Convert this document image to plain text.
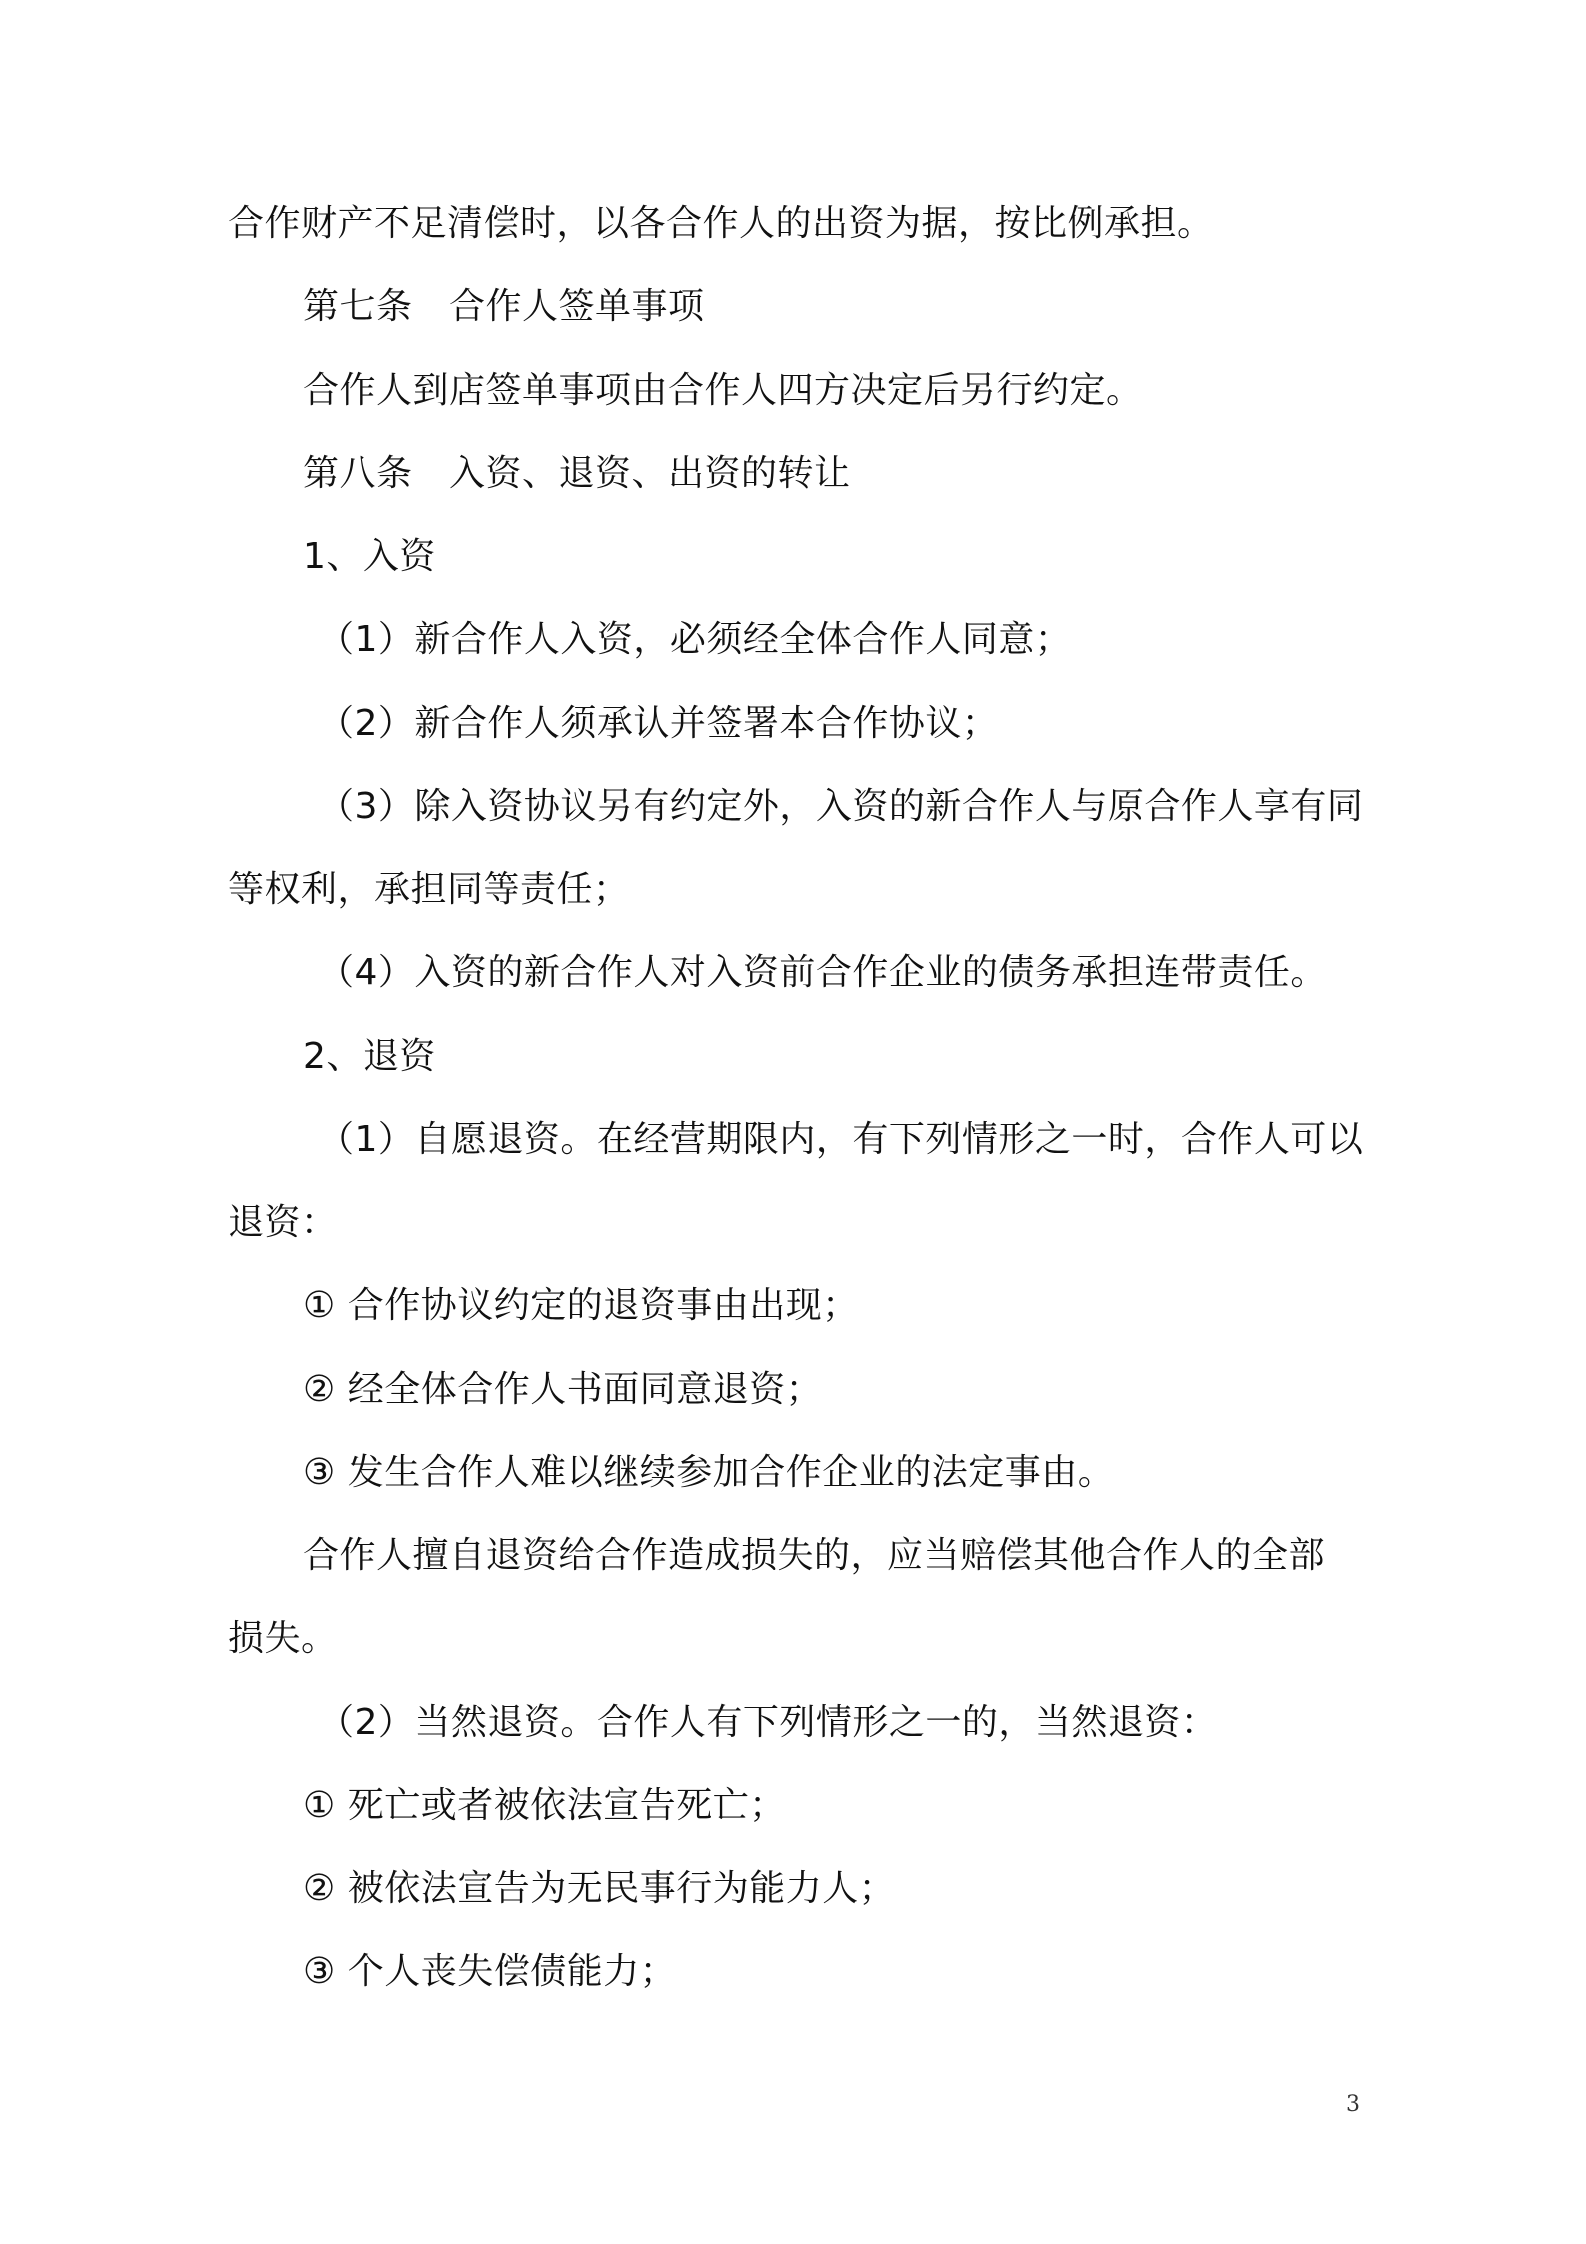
合作财产不足清偿时，以各合作人的出资为据，按比例承担。
第七条　合作人签单事项
合作人到店签单事项由合作人四方决定后另行约定。
第八条　入资、退资、出资的转让
1、入资
（1）新合作人入资，必须经全体合作人同意；
（2）新合作人须承认并签署本合作协议；
（3）除入资协议另有约定外，入资的新合作人与原合作人享有同
等权利，承担同等责任；
（4）入资的新合作人对入资前合作企业的债务承担连带责任。
2、退资
（1）自愿退资。在经营期限内，有下列情形之一时，合作人可以
退资：
① 合作协议约定的退资事由出现；
② 经全体合作人书面同意退资；
③ 发生合作人难以继续参加合作企业的法定事由。
合作人擅自退资给合作造成损失的，应当赔偿其他合作人的全部
损失。
（2）当然退资。合作人有下列情形之一的，当然退资：
① 死亡或者被依法宣告死亡；
② 被依法宣告为无民事行为能力人；
③ 个人丧失偿债能力；
3
